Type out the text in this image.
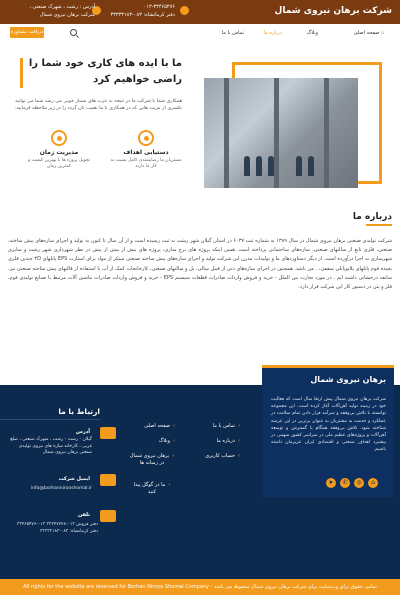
شرکت برهان نیروی شمال
آدرس : رشت ، شهرک صنعتی ،
شرکت برهان نیروی شمال
۰۱۳-۳۳۴۶۵۴۷۶
دفتر کرمانشاه: ۰۸۳-۳۳۳۳۳۱۸۳
⌂ صفحه اصلی
وبلاگ
درباره ما
تماس با ما
دریافت مشاوره
ما با ایده های کاری خود شما را راضی خواهیم کرد
همکاری شما با شرکت ما در نتیجه به عزت های بسیار خوبی می رسد شما می توانید بکسری از مزیت هایی که در همکاری با ما نصیب تان گردد را در زیر ملاحظه فرمایید.
دستیابی اهداف
مشتریان ما رضایتمندی کامل نسبت به کار ما دارند
مدیریت زمان
تحویل پروژه ها با بهترین کیفیت و کمترین زمان
درباره ما
شرکت تولیدی صنعتی برهان نیروی شمال در سال ۱۳۸۹ به شماره ثبت ۶۰۳۷ در استان گیلان شهر رشت به ثبت رسیده است و از آن سال تا کنون به تولید و اجرای سازه‌های پیش ساخته، صنعتی، فلزی تابع از سالنهای صنعتی، سازه‌های ساختمانی پرداخته است. همین اینکه پروژه های برج سازی، پروژه های بیش از بیش از پیش در نظر شهرداری شهر رشت و سایزی شهرسازی به اجرا درآورده است. از دیگر دستاوردهای ما و تولیدات مدرن این شرکت تولید و اجرای سازه‌های پیش ساخته صنعتی مبتکر از مواد برای استارت EPS پانلهای ۳D چندین فلزی بچیده فوم پانلهای پلاتوپانلی سقفی، . من باشد. همچنین در اجرای سازه‌های دنی از قبیل سالی، پل و سالنهای صنعتی، کارخانجات کمک از آب یا استفاده از قالبهای پیش ساخته صنعتی نیز. سابقه درخشانی داشته ایم . در مورد تجارت بین الملل - خرید و فروش واردات صادرات قطعات سیستم EPS - خرید و فروش واردات صادرات ماشین آلات مرتبط با صنایع تولیدی فوم، فلز و بتن در دستور کار این شرکت قرار دارد.
برهان نیروی شمال
شرکت برهان نیروی شمال پیش ارتقا سال است که فعالیت خود در زمینه تولید آهن‌آلات آغاز کرده است. این مجموعه توانسته با تلاش بی‌وقفه و سرآمد قرار دادن تمام سلامت در عملکرد و خدمت به مشتریان به عنوان برترین در این عرصه شناخته شود. تلاش بی‌وقفه همگام با گسترش و توسعه آهن‌آلات و پروژه‌های عظیم ملی در سراسر کشور سهمی در پیشبرد اهداف صنعتی و اقتصادی ایران عزیزمان داشته باشیم.
⌂
◎
✆
➤
› تماس با ما
› درباره ما
› حساب کاربری
› صفحه اصلی
› وبلاگ
› برهان نیروی شمال در رسانه ها
› ما در گوگل پیدا کنید
ارتباط با ما
آدرس
گیلان - رشت - رشت ، شهرک صنعتی ، ضلع غربی ، کارخانه سازه های نیروی تولیدی صنعتی برهان نیروی شمال
ایمیل شرکت
info@borhannirooshomal.ir
تلفن
دفتر فروش ۰۱۳-۳۳۲۴۷۷۲۸ ۰۱۳-۳۳۴۶۵۴۷۶
دفتر کرمانشاه: ۰۸۳-۳۳۳۳۳۱۸۳
تمامی حقوق برای وب‌سایت برای شرکت برهان نیروی شمال محفوظ می باشد - All rights for the website are reserved for Borhan Niroye Shomal Company
